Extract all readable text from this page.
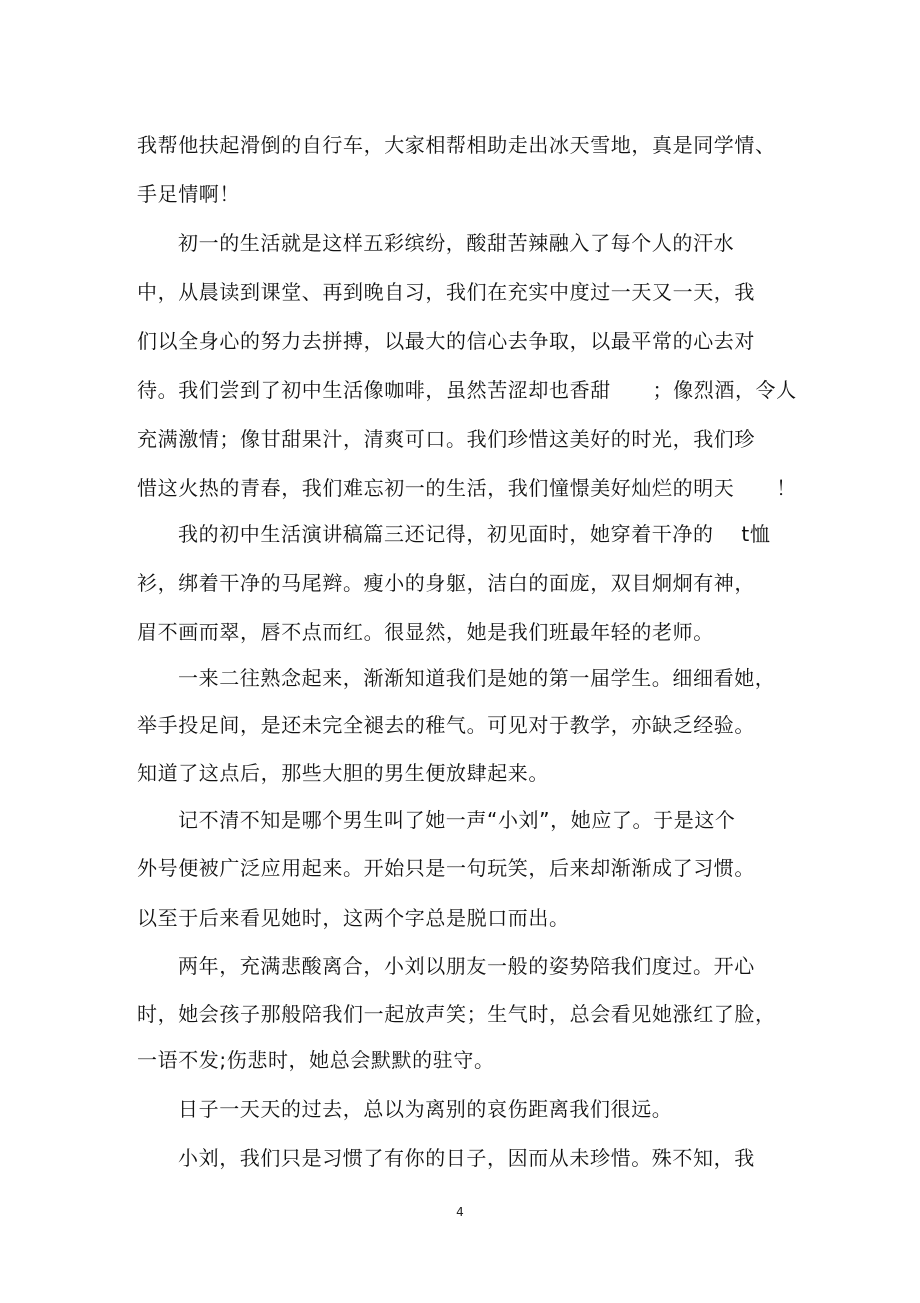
我帮他扶起滑倒的自行车，大家相帮相助走出冰天雪地，真是同学情、
手足情啊！
初一的生活就是这样五彩缤纷，酸甜苦辣融入了每个人的汗水
中，从晨读到课堂、再到晚自习，我们在充实中度过一天又一天，我
们以全身心的努力去拼搏，以最大的信心去争取，以最平常的心去对
待。我们尝到了初中生活像咖啡，虽然苦涩却也香甜      ；像烈酒，令人
充满激情；像甘甜果汁，清爽可口。我们珍惜这美好的时光，我们珍
惜这火热的青春，我们难忘初一的生活，我们憧憬美好灿烂的明天      ！
我的初中生活演讲稿篇三还记得，初见面时，她穿着干净的    t恤
衫，绑着干净的马尾辫。瘦小的身躯，洁白的面庞，双目炯炯有神，
眉不画而翠，唇不点而红。很显然，她是我们班最年轻的老师。
一来二往熟念起来，渐渐知道我们是她的第一届学生。细细看她，
举手投足间，是还未完全褪去的稚气。可见对于教学，亦缺乏经验。
知道了这点后，那些大胆的男生便放肆起来。
记不清不知是哪个男生叫了她一声“小刘”，她应了。于是这个
外号便被广泛应用起来。开始只是一句玩笑，后来却渐渐成了习惯。
以至于后来看见她时，这两个字总是脱口而出。
两年，充满悲酸离合，小刘以朋友一般的姿势陪我们度过。开心
时，她会孩子那般陪我们一起放声笑；生气时，总会看见她涨红了脸，
一语不发;伤悲时，她总会默默的驻守。
日子一天天的过去，总以为离别的哀伤距离我们很远。
小刘，我们只是习惯了有你的日子，因而从未珍惜。殊不知，我
4
